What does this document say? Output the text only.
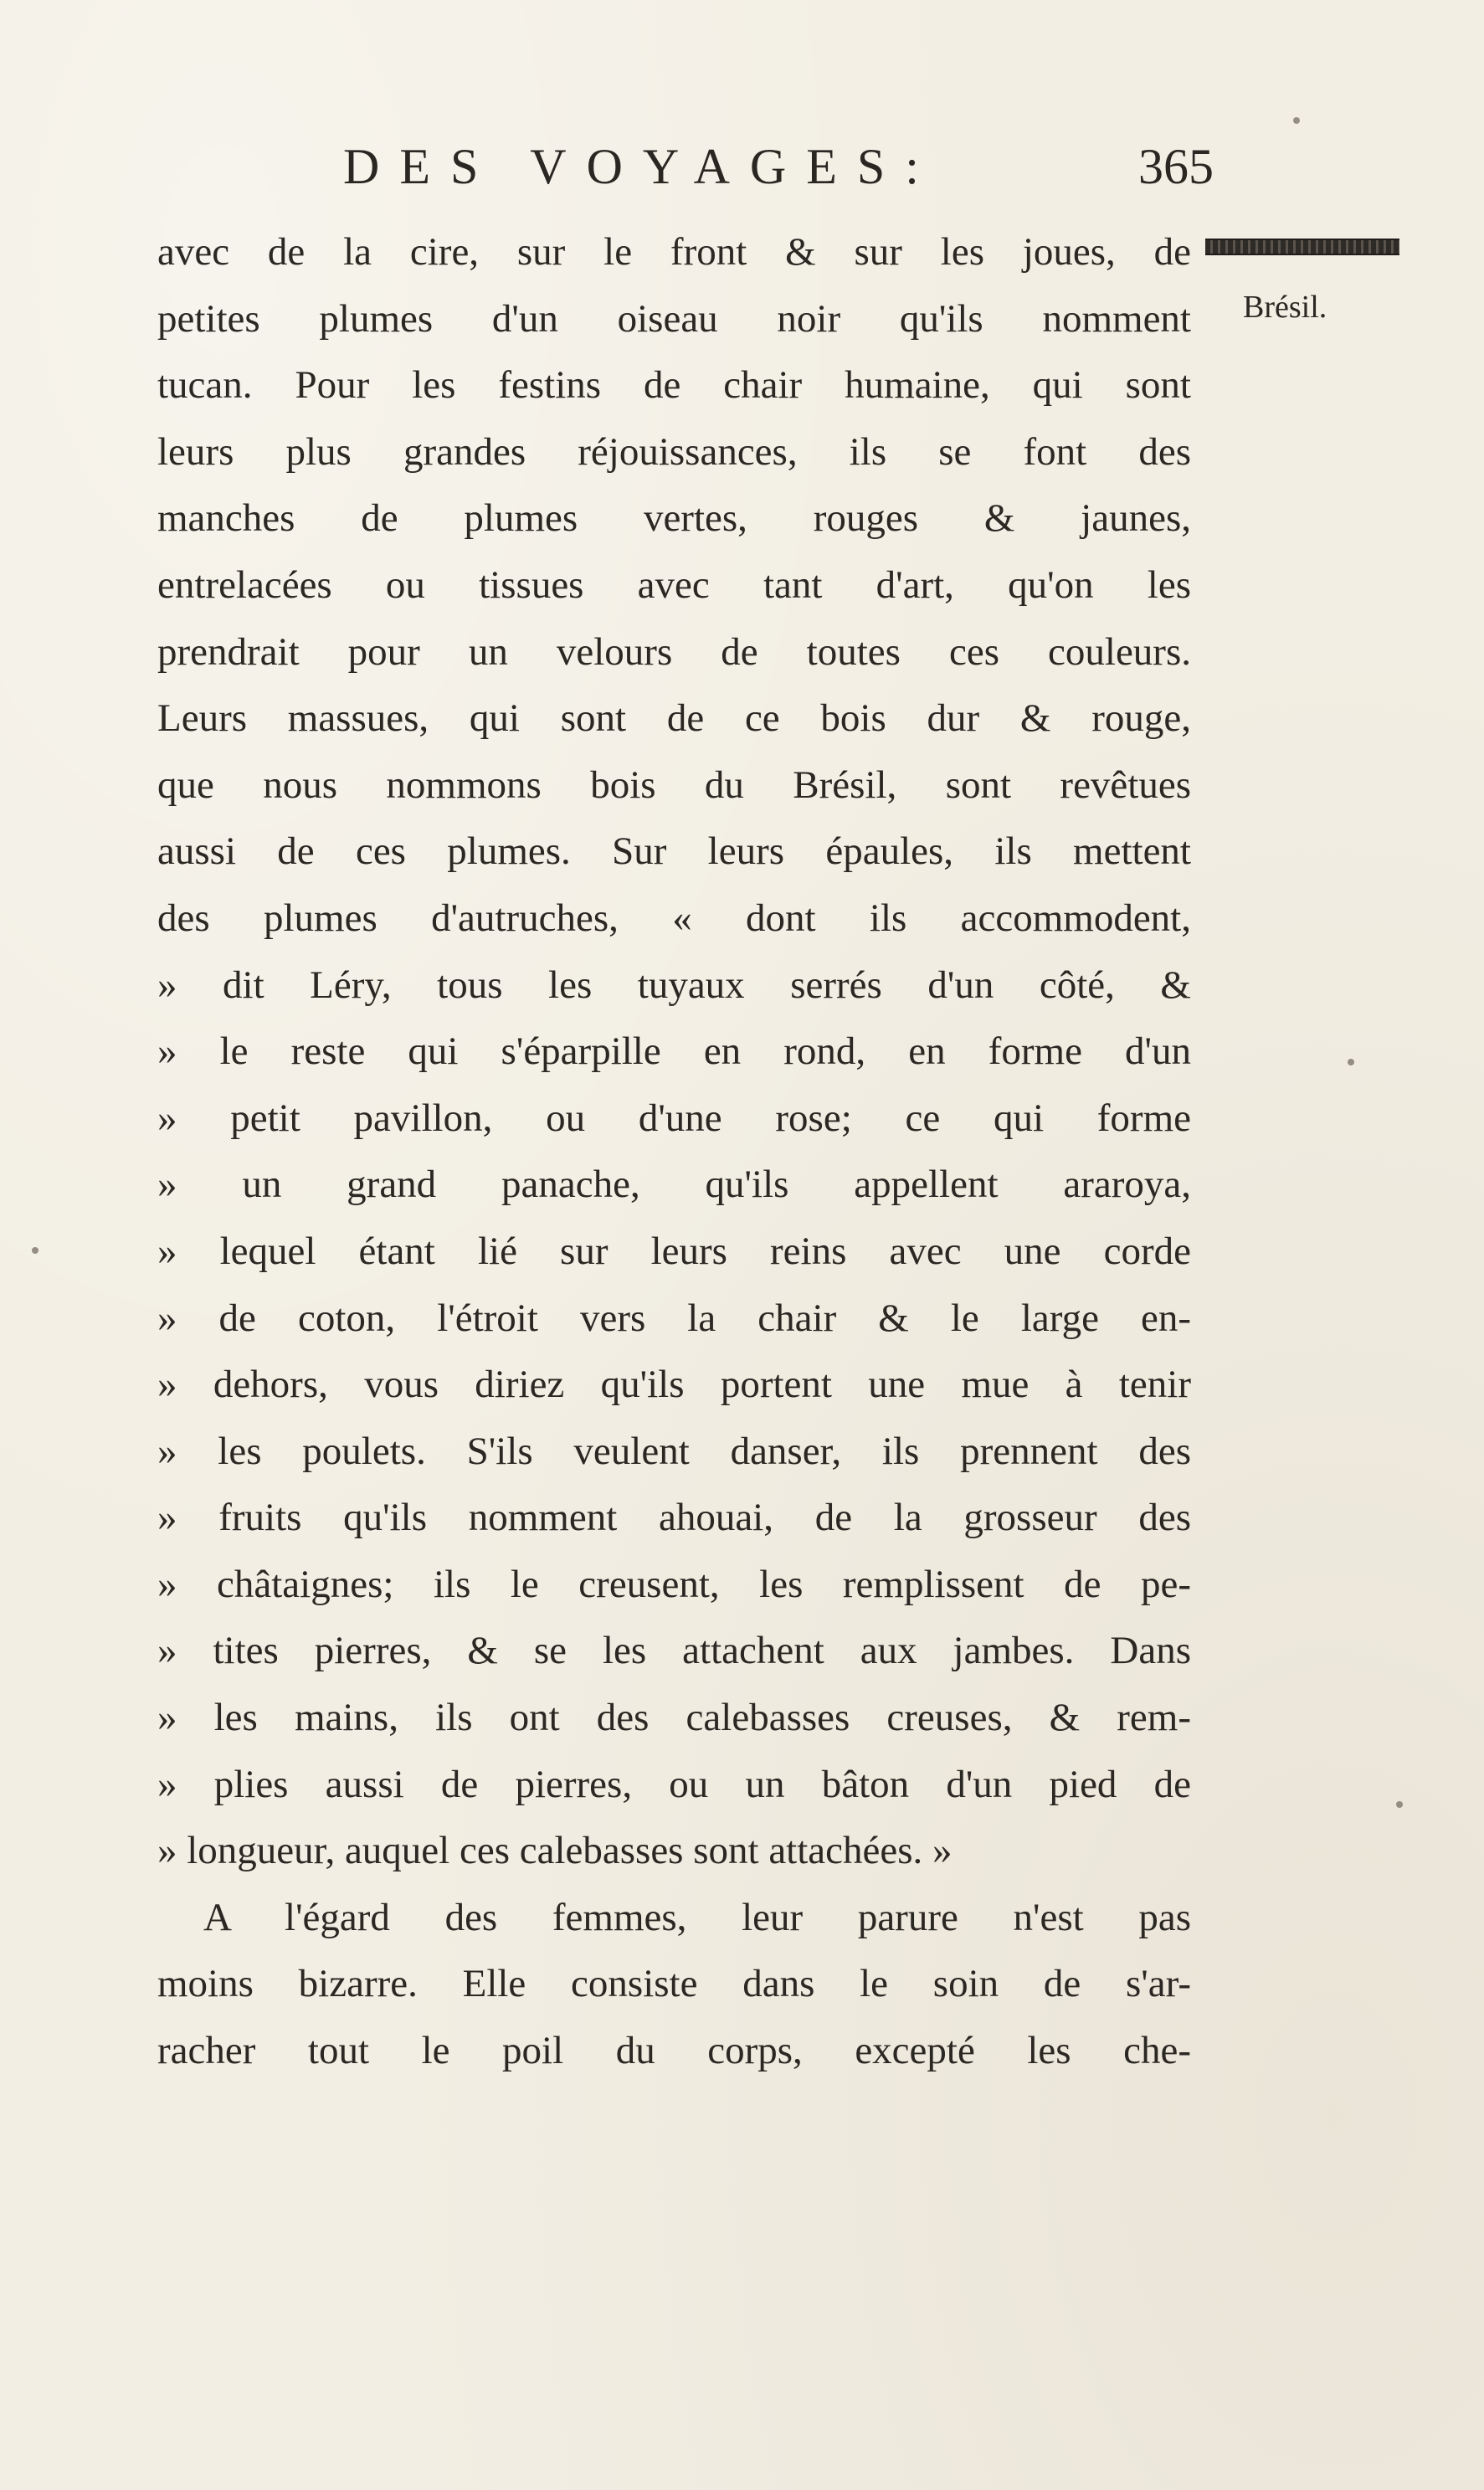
DES VOYAGES:	365
Brésil.
avec de la cire, sur le front & sur les joues, de
petites plumes d'un oiseau noir qu'ils nomment
tucan. Pour les festins de chair humaine, qui sont
leurs plus grandes réjouissances, ils se font des
manches de plumes vertes, rouges & jaunes,
entrelacées ou tissues avec tant d'art, qu'on les
prendrait pour un velours de toutes ces couleurs.
Leurs massues, qui sont de ce bois dur & rouge,
que nous nommons bois du Brésil, sont revêtues
aussi de ces plumes. Sur leurs épaules, ils mettent
des plumes d'autruches, « dont ils accommodent,
» dit Léry, tous les tuyaux serrés d'un côté, &
» le reste qui s'éparpille en rond, en forme d'un
» petit pavillon, ou d'une rose; ce qui forme
» un grand panache, qu'ils appellent araroya,
» lequel étant lié sur leurs reins avec une corde
» de coton, l'étroit vers la chair & le large en-
» dehors, vous diriez qu'ils portent une mue à tenir
» les poulets. S'ils veulent danser, ils prennent des
» fruits qu'ils nomment ahouai, de la grosseur des
» châtaignes; ils le creusent, les remplissent de pe-
» tites pierres, & se les attachent aux jambes. Dans
» les mains, ils ont des calebasses creuses, & rem-
» plies aussi de pierres, ou un bâton d'un pied de
» longueur, auquel ces calebasses sont attachées. »
A l'égard des femmes, leur parure n'est pas
moins bizarre. Elle consiste dans le soin de s'ar-
racher tout le poil du corps, excepté les che-
